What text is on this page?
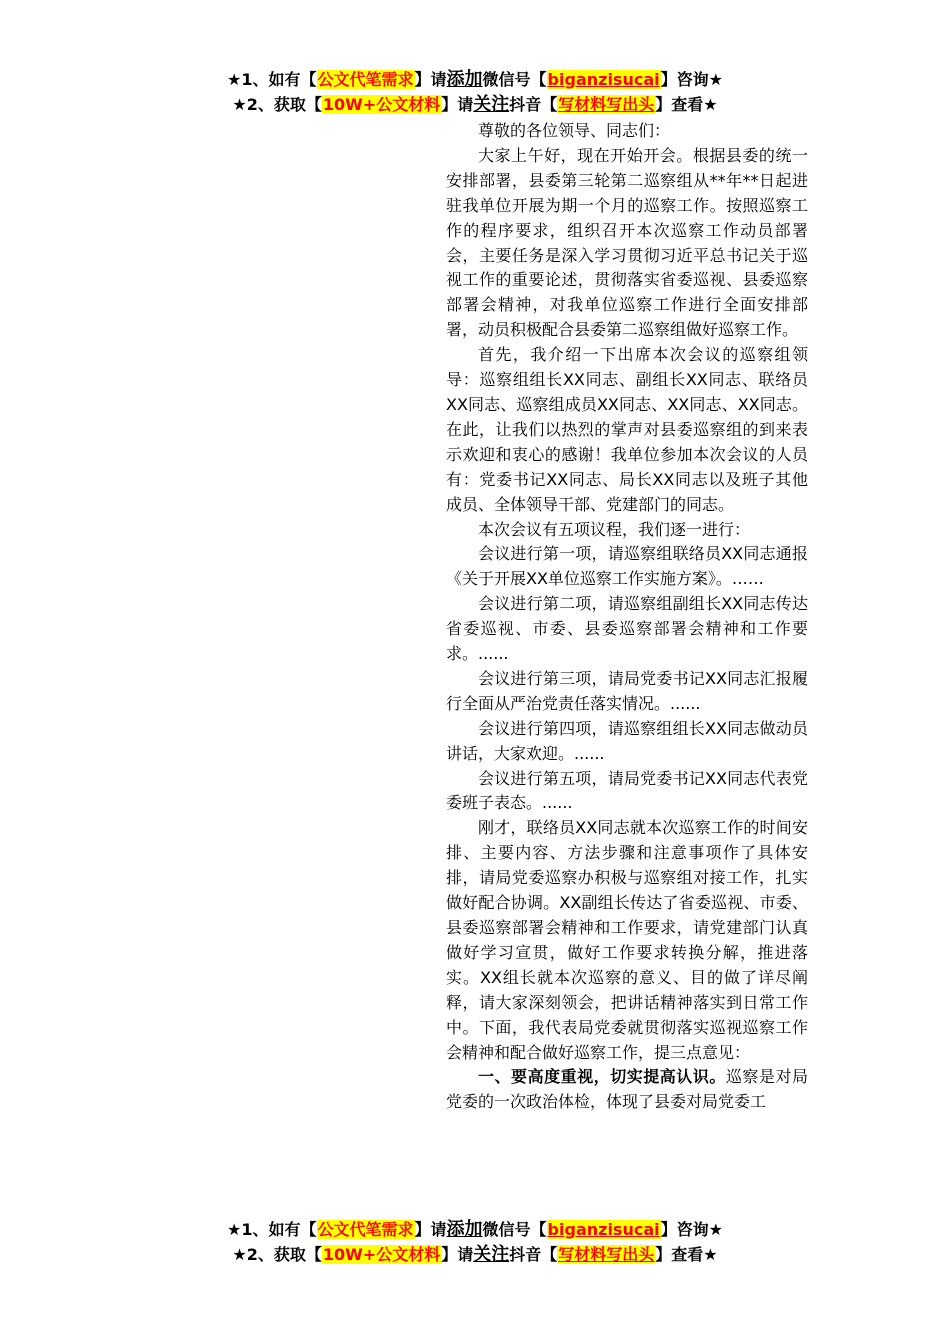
★1、如有【公文代笔需求】请添加微信号【biganzisucai】咨询★
★2、获取【10W+公文材料】请关注抖音【写材料写出头】查看★

尊敬的各位领导、同志们：

大家上午好，现在开始开会。根据县委的统一安排部署，县委第三轮第二巡察组从**年**日起进驻我单位开展为期一个月的巡察工作。按照巡察工作的程序要求，组织召开本次巡察工作动员部署会，主要任务是深入学习贯彻习近平总书记关于巡视工作的重要论述，贯彻落实省委巡视、县委巡察部署会精神，对我单位巡察工作进行全面安排部署，动员积极配合县委第二巡察组做好巡察工作。

首先，我介绍一下出席本次会议的巡察组领导：巡察组组长XX同志、副组长XX同志、联络员XX同志、巡察组成员XX同志、XX同志、XX同志。在此，让我们以热烈的掌声对县委巡察组的到来表示欢迎和衷心的感谢！我单位参加本次会议的人员有：党委书记XX同志、局长XX同志以及班子其他成员、全体领导干部、党建部门的同志。

本次会议有五项议程，我们逐一进行：

会议进行第一项，请巡察组联络员XX同志通报《关于开展XX单位巡察工作实施方案》。……

会议进行第二项，请巡察组副组长XX同志传达省委巡视、市委、县委巡察部署会精神和工作要求。......

会议进行第三项，请局党委书记XX同志汇报履行全面从严治党责任落实情况。......

会议进行第四项，请巡察组组长XX同志做动员讲话，大家欢迎。......

会议进行第五项，请局党委书记XX同志代表党委班子表态。......

刚才，联络员XX同志就本次巡察工作的时间安排、主要内容、方法步骤和注意事项作了具体安排，请局党委巡察办积极与巡察组对接工作，扎实做好配合协调。XX副组长传达了省委巡视、市委、县委巡察部署会精神和工作要求，请党建部门认真做好学习宣贯，做好工作要求转换分解，推进落实。XX组长就本次巡察的意义、目的做了详尽阐释，请大家深刻领会，把讲话精神落实到日常工作中。下面，我代表局党委就贯彻落实巡视巡察工作会精神和配合做好巡察工作，提三点意见：

一、要高度重视，切实提高认识。巡察是对局党委的一次政治体检，体现了县委对局党委工

★1、如有【公文代笔需求】请添加微信号【biganzisucai】咨询★
★2、获取【10W+公文材料】请关注抖音【写材料写出头】查看★
